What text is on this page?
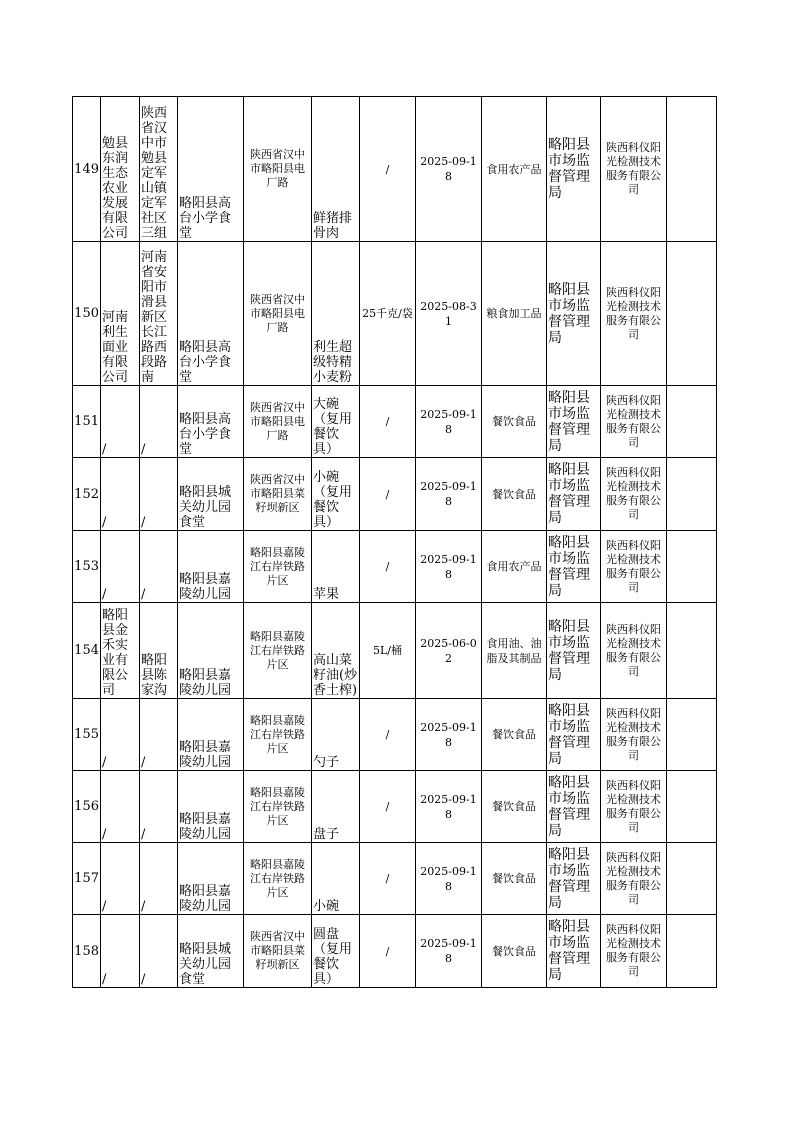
149	勉县东润生态农业发展有限公司	陕西省汉中市勉县定军山镇定军社区三组	略阳县高台小学食堂	陕西省汉中市略阳县电厂路	鲜猪排骨肉	/	2025-09-18	食用农产品	略阳县市场监督管理局	陕西科仪阳光检测技术服务有限公司	
150	河南利生面业有限公司	河南省安阳市滑县新区长江路西段路南	略阳县高台小学食堂	陕西省汉中市略阳县电厂路	利生超级特精小麦粉	25千克/袋	2025-08-31	粮食加工品	略阳县市场监督管理局	陕西科仪阳光检测技术服务有限公司	
151	/	/	略阳县高台小学食堂	陕西省汉中市略阳县电厂路	大碗（复用餐饮具）	/	2025-09-18	餐饮食品	略阳县市场监督管理局	陕西科仪阳光检测技术服务有限公司	
152	/	/	略阳县城关幼儿园食堂	陕西省汉中市略阳县菜籽坝新区	小碗（复用餐饮具）	/	2025-09-18	餐饮食品	略阳县市场监督管理局	陕西科仪阳光检测技术服务有限公司	
153	/	/	略阳县嘉陵幼儿园	略阳县嘉陵江右岸铁路片区	苹果	/	2025-09-18	食用农产品	略阳县市场监督管理局	陕西科仪阳光检测技术服务有限公司	
154	略阳县金禾实业有限公司	略阳县陈家沟	略阳县嘉陵幼儿园	略阳县嘉陵江右岸铁路片区	高山菜籽油(炒香土榨)	5L/桶	2025-06-02	食用油、油脂及其制品	略阳县市场监督管理局	陕西科仪阳光检测技术服务有限公司	
155	/	/	略阳县嘉陵幼儿园	略阳县嘉陵江右岸铁路片区	勺子	/	2025-09-18	餐饮食品	略阳县市场监督管理局	陕西科仪阳光检测技术服务有限公司	
156	/	/	略阳县嘉陵幼儿园	略阳县嘉陵江右岸铁路片区	盘子	/	2025-09-18	餐饮食品	略阳县市场监督管理局	陕西科仪阳光检测技术服务有限公司	
157	/	/	略阳县嘉陵幼儿园	略阳县嘉陵江右岸铁路片区	小碗	/	2025-09-18	餐饮食品	略阳县市场监督管理局	陕西科仪阳光检测技术服务有限公司	
158	/	/	略阳县城关幼儿园食堂	陕西省汉中市略阳县菜籽坝新区	圆盘（复用餐饮具）	/	2025-09-18	餐饮食品	略阳县市场监督管理局	陕西科仪阳光检测技术服务有限公司	
